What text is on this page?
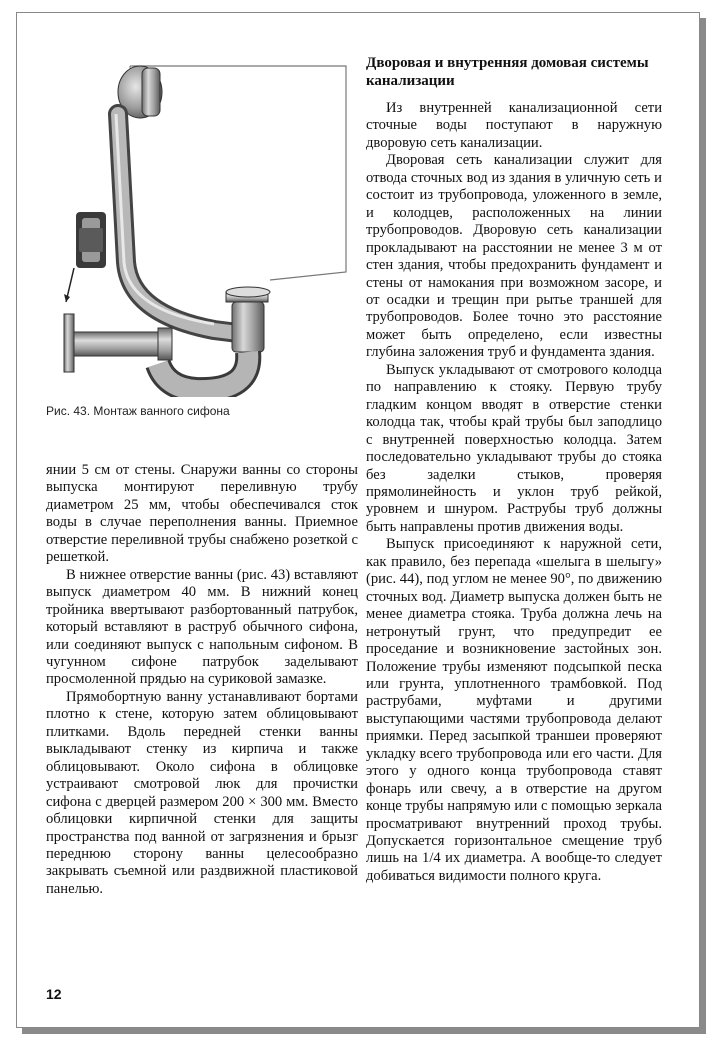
Рис. 43. Монтаж ванного сифона

янии 5 см от стены. Снаружи ванны со стороны выпуска монтируют переливную трубу диаметром 25 мм, чтобы обеспечивался сток воды в случае переполнения ванны. Приемное отверстие переливной трубы снабжено розеткой с решеткой.

В нижнее отверстие ванны (рис. 43) вставляют выпуск диаметром 40 мм. В нижний конец тройника ввертывают разбортованный патрубок, который вставляют в раструб обычного сифона, или соединяют выпуск с напольным сифоном. В чугунном сифоне патрубок заделывают просмоленной прядью на суриковой замазке.

Прямобортную ванну устанавливают бортами плотно к стене, которую затем облицовывают плитками. Вдоль передней стенки ванны выкладывают стенку из кирпича и также облицовывают. Около сифона в облицовке устраивают смотровой люк для прочистки сифона с дверцей размером 200 × 300 мм. Вместо облицовки кирпичной стенки для защиты пространства под ванной от загрязнения и брызг переднюю сторону ванны целесообразно закрывать съемной или раздвижной пластиковой панелью.

Дворовая и внутренняя домовая системы канализации

Из внутренней канализационной сети сточные воды поступают в наружную дворовую сеть канализации.

Дворовая сеть канализации служит для отвода сточных вод из здания в уличную сеть и состоит из трубопровода, уложенного в земле, и колодцев, расположенных на линии трубопроводов. Дворовую сеть канализации прокладывают на расстоянии не менее 3 м от стен здания, чтобы предохранить фундамент и стены от намокания при возможном засоре, и от осадки и трещин при рытье траншей для трубопроводов. Более точно это расстояние может быть определено, если известны глубина заложения труб и фундамента здания.

Выпуск укладывают от смотрового колодца по направлению к стояку. Первую трубу гладким концом вводят в отверстие стенки колодца так, чтобы край трубы был заподлицо с внутренней поверхностью колодца. Затем последовательно укладывают трубы до стояка без заделки стыков, проверяя прямолинейность и уклон труб рейкой, уровнем и шнуром. Раструбы труб должны быть направлены против движения воды.

Выпуск присоединяют к наружной сети, как правило, без перепада «шелыга в шелыгу» (рис. 44), под углом не менее 90°, по движению сточных вод. Диаметр выпуска должен быть не менее диаметра стояка. Труба должна лечь на нетронутый грунт, что предупредит ее проседание и возникновение застойных зон. Положение трубы изменяют подсыпкой песка или грунта, уплотненного трамбовкой. Под раструбами, муфтами и другими выступающими частями трубопровода делают приямки. Перед засыпкой траншеи проверяют укладку всего трубопровода или его части. Для этого у одного конца трубопровода ставят фонарь или свечу, а в отверстие на другом конце трубы напрямую или с помощью зеркала просматривают внутренний проход трубы. Допускается горизонтальное смещение труб лишь на 1/4 их диаметра. А вообще-то следует добиваться видимости полного круга.

12
